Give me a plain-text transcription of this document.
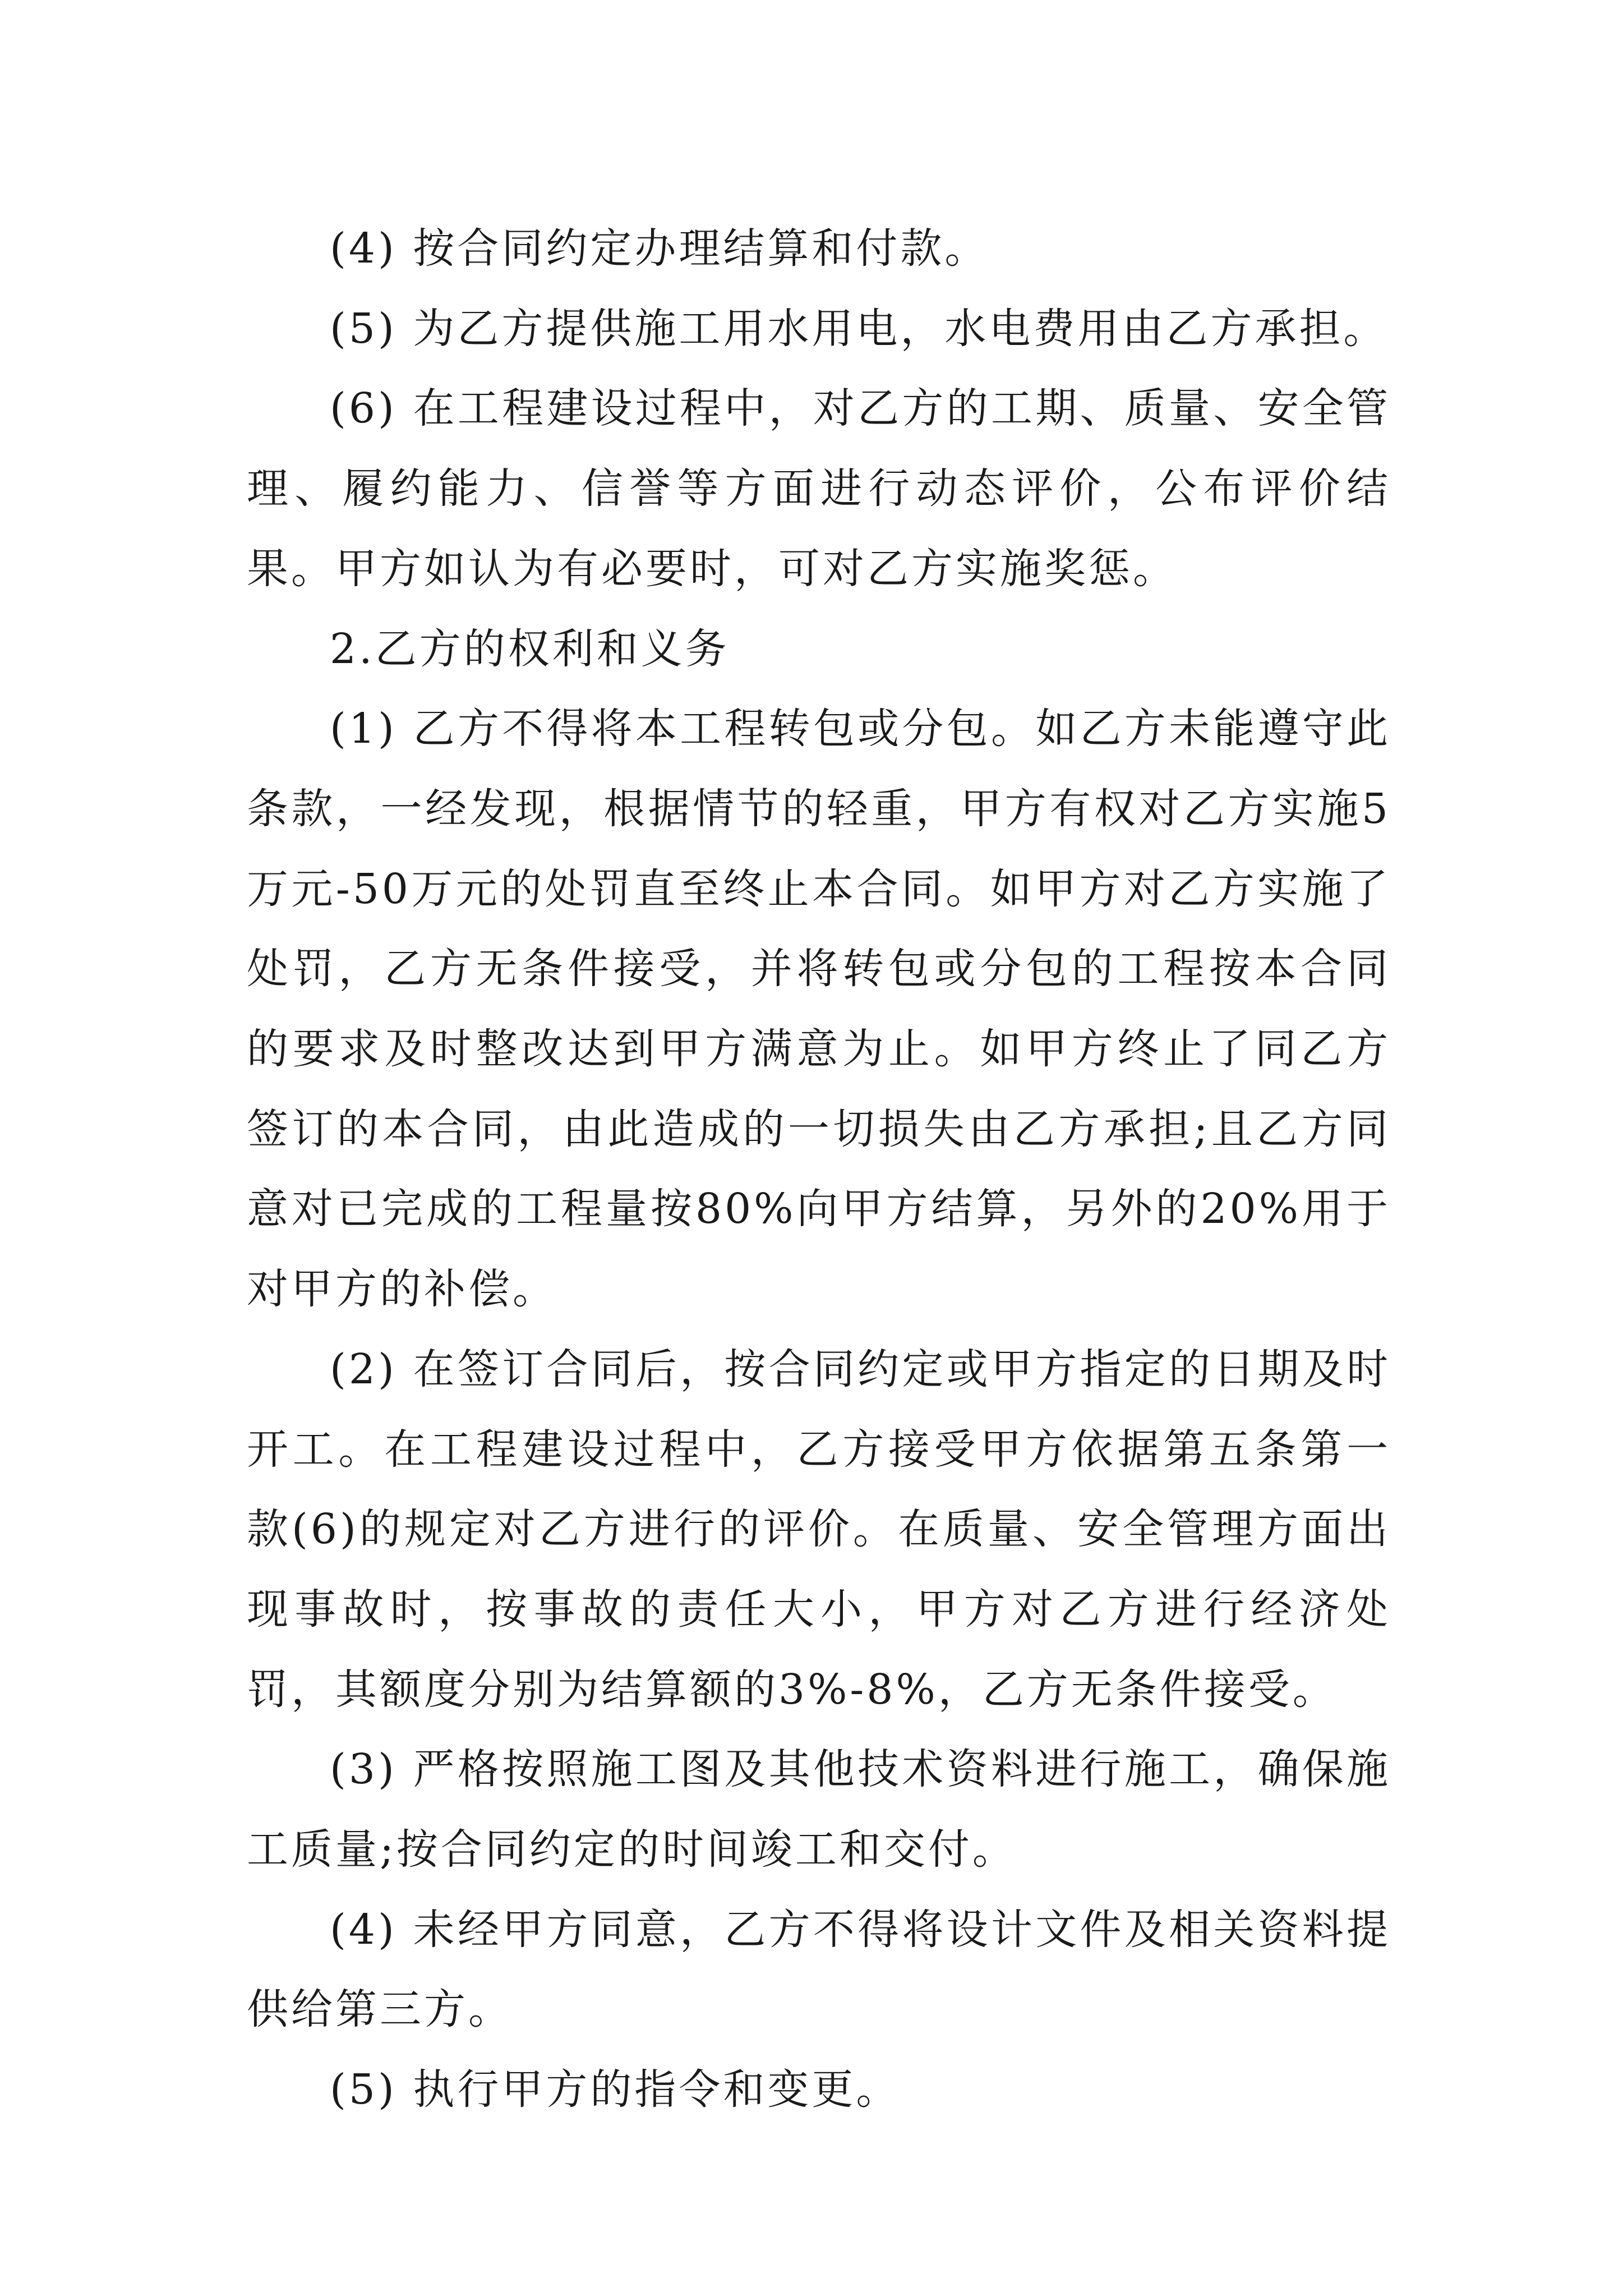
(4) 按合同约定办理结算和付款。

(5) 为乙方提供施工用水用电，水电费用由乙方承担。

(6) 在工程建设过程中，对乙方的工期、质量、安全管理、履约能力、信誉等方面进行动态评价，公布评价结果。甲方如认为有必要时，可对乙方实施奖惩。

2.乙方的权利和义务

(1) 乙方不得将本工程转包或分包。如乙方未能遵守此条款，一经发现，根据情节的轻重，甲方有权对乙方实施5万元-50万元的处罚直至终止本合同。如甲方对乙方实施了处罚，乙方无条件接受，并将转包或分包的工程按本合同的要求及时整改达到甲方满意为止。如甲方终止了同乙方签订的本合同，由此造成的一切损失由乙方承担;且乙方同意对已完成的工程量按80%向甲方结算，另外的20%用于对甲方的补偿。

(2) 在签订合同后，按合同约定或甲方指定的日期及时开工。在工程建设过程中，乙方接受甲方依据第五条第一款(6)的规定对乙方进行的评价。在质量、安全管理方面出现事故时，按事故的责任大小，甲方对乙方进行经济处罚，其额度分别为结算额的3%-8%，乙方无条件接受。

(3) 严格按照施工图及其他技术资料进行施工，确保施工质量;按合同约定的时间竣工和交付。

(4) 未经甲方同意，乙方不得将设计文件及相关资料提供给第三方。

(5) 执行甲方的指令和变更。
